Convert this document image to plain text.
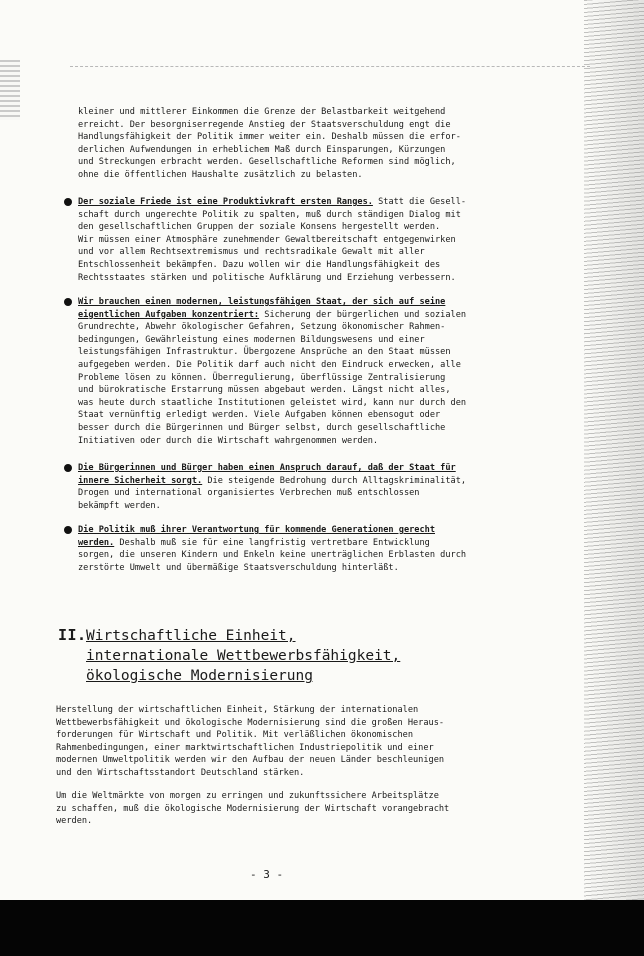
kleiner und mittlerer Einkommen die Grenze der Belastbarkeit weitgehend
erreicht. Der besorgniserregende Anstieg der Staatsverschuldung engt die
Handlungsfähigkeit der Politik immer weiter ein. Deshalb müssen die erfor-
derlichen Aufwendungen in erheblichem Maß durch Einsparungen, Kürzungen
und Streckungen erbracht werden. Gesellschaftliche Reformen sind möglich,
ohne die öffentlichen Haushalte zusätzlich zu belasten.
Der soziale Friede ist eine Produktivkraft ersten Ranges. Statt die Gesell-
schaft durch ungerechte Politik zu spalten, muß durch ständigen Dialog mit
den gesellschaftlichen Gruppen der soziale Konsens hergestellt werden.
Wir müssen einer Atmosphäre zunehmender Gewaltbereitschaft entgegenwirken
und vor allem Rechtsextremismus und rechtsradikale Gewalt mit aller
Entschlossenheit bekämpfen. Dazu wollen wir die Handlungsfähigkeit des
Rechtsstaates stärken und politische Aufklärung und Erziehung verbessern.
Wir brauchen einen modernen, leistungsfähigen Staat, der sich auf seine
eigentlichen Aufgaben konzentriert: Sicherung der bürgerlichen und sozialen
Grundrechte, Abwehr ökologischer Gefahren, Setzung ökonomischer Rahmen-
bedingungen, Gewährleistung eines modernen Bildungswesens und einer
leistungsfähigen Infrastruktur. Übergozene Ansprüche an den Staat müssen
aufgegeben werden. Die Politik darf auch nicht den Eindruck erwecken, alle
Probleme lösen zu können. Überregulierung, überflüssige Zentralisierung
und bürokratische Erstarrung müssen abgebaut werden. Längst nicht alles,
was heute durch staatliche Institutionen geleistet wird, kann nur durch den
Staat vernünftig erledigt werden. Viele Aufgaben können ebensogut oder
besser durch die Bürgerinnen und Bürger selbst, durch gesellschaftliche
Initiativen oder durch die Wirtschaft wahrgenommen werden.
Die Bürgerinnen und Bürger haben einen Anspruch darauf, daß der Staat für
innere Sicherheit sorgt. Die steigende Bedrohung durch Alltagskriminalität,
Drogen und international organisiertes Verbrechen muß entschlossen
bekämpft werden.
Die Politik muß ihrer Verantwortung für kommende Generationen gerecht
werden. Deshalb muß sie für eine langfristig vertretbare Entwicklung
sorgen, die unseren Kindern und Enkeln keine unerträglichen Erblasten durch
zerstörte Umwelt und übermäßige Staatsverschuldung hinterläßt.
II. Wirtschaftliche Einheit,
internationale Wettbewerbsfähigkeit,
ökologische Modernisierung
Herstellung der wirtschaftlichen Einheit, Stärkung der internationalen
Wettbewerbsfähigkeit und ökologische Modernisierung sind die großen Heraus-
forderungen für Wirtschaft und Politik. Mit verläßlichen ökonomischen
Rahmenbedingungen, einer marktwirtschaftlichen Industriepolitik und einer
modernen Umweltpolitik werden wir den Aufbau der neuen Länder beschleunigen
und den Wirtschaftsstandort Deutschland stärken.
Um die Weltmärkte von morgen zu erringen und zukunftssichere Arbeitsplätze
zu schaffen, muß die ökologische Modernisierung der Wirtschaft vorangebracht
werden.
- 3 -
